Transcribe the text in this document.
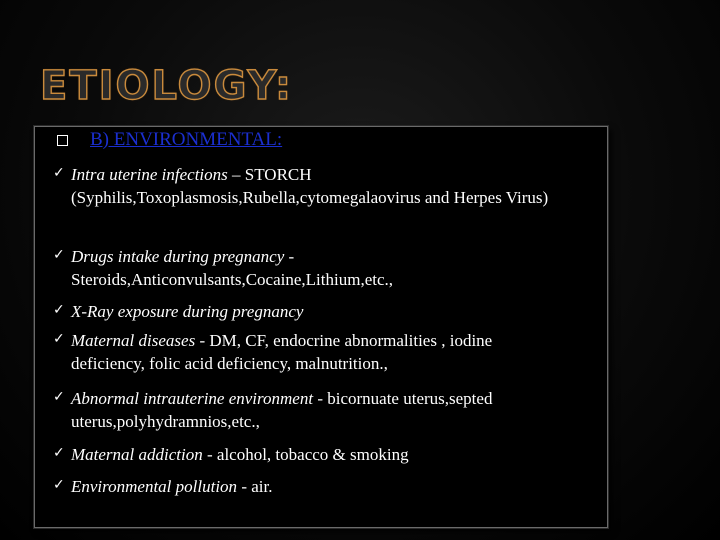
ETIOLOGY:
B) ENVIRONMENTAL:
✓ Intra uterine infections – STORCH (Syphilis,Toxoplasmosis,Rubella,cytomegalaovirus and Herpes Virus)
✓ Drugs intake during pregnancy - Steroids,Anticonvulsants,Cocaine,Lithium,etc.,
✓ X-Ray exposure during pregnancy
✓ Maternal diseases - DM, CF, endocrine abnormalities , iodine deficiency, folic acid deficiency, malnutrition.,
✓ Abnormal intrauterine environment - bicornuate uterus,septed uterus,polyhydramnios,etc.,
✓ Maternal addiction - alcohol, tobacco & smoking
✓ Environmental pollution - air.
